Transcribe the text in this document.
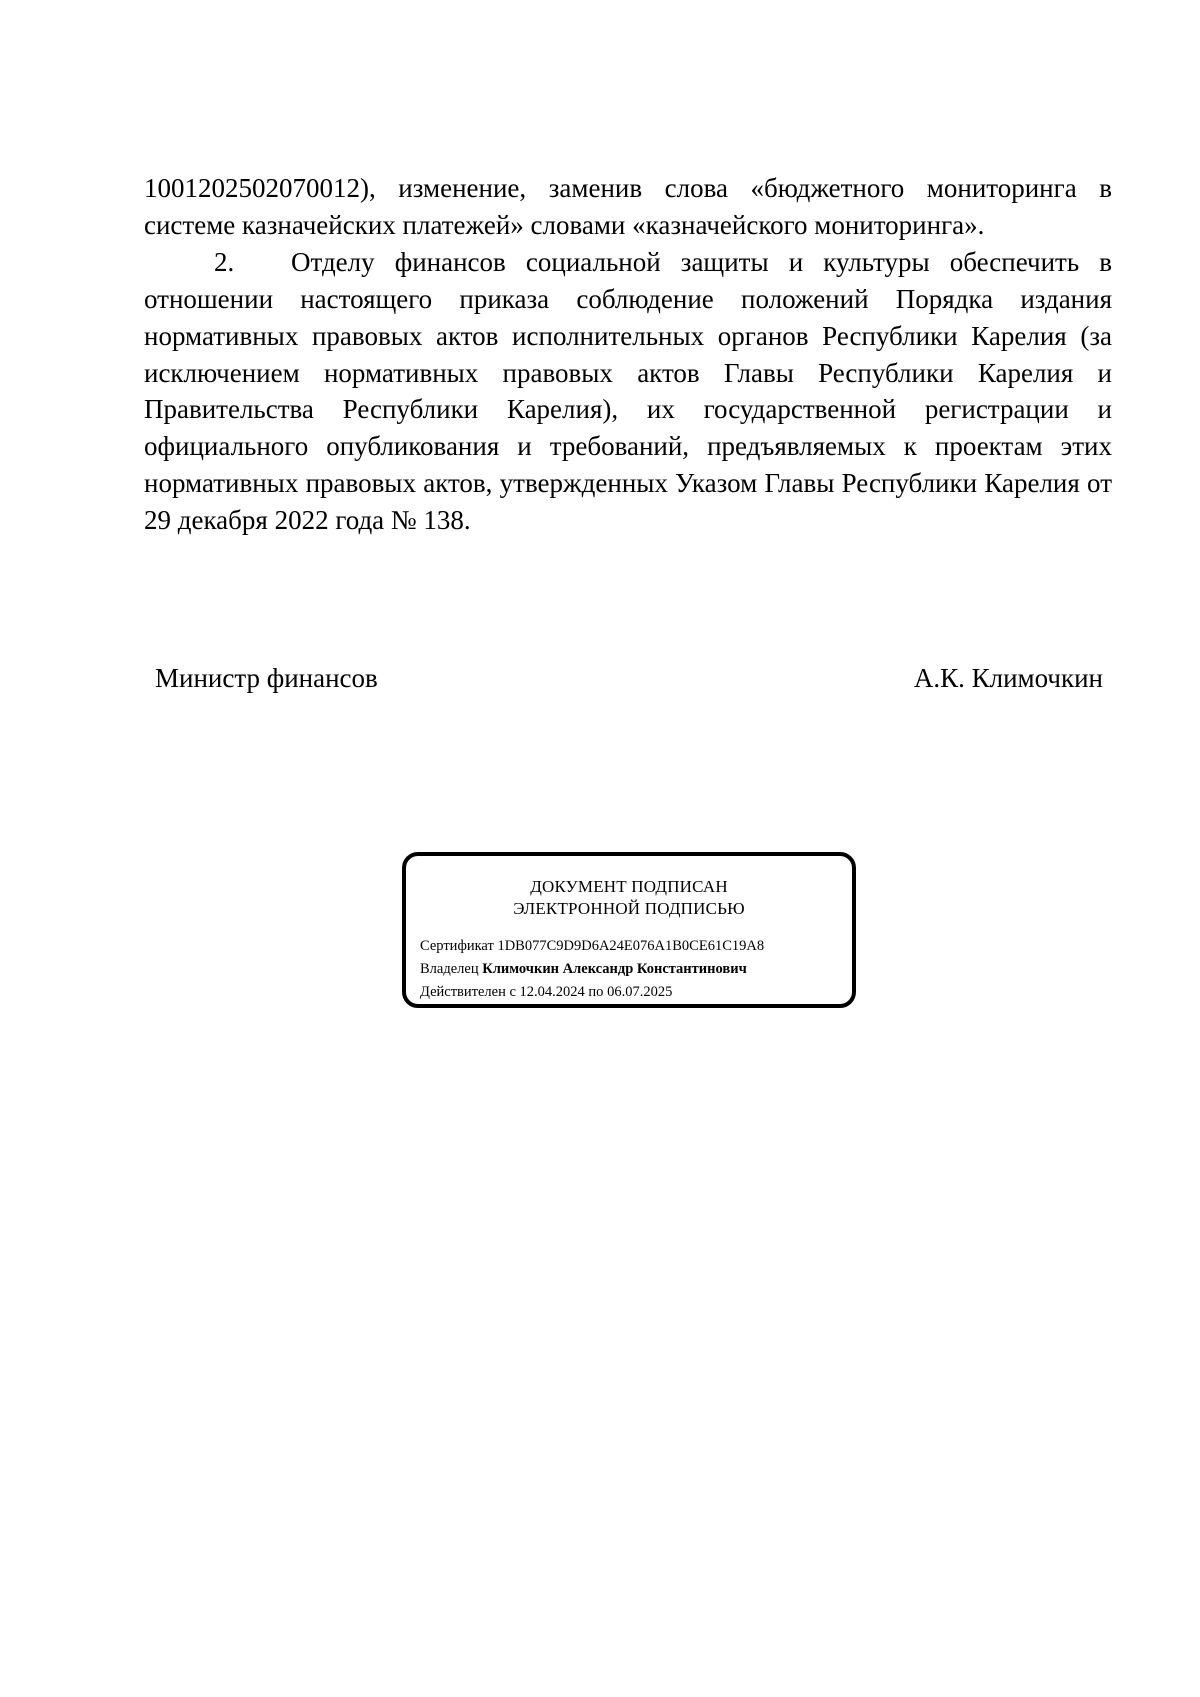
1001202502070012), изменение, заменив слова «бюджетного мониторинга в системе казначейских платежей» словами «казначейского мониторинга».

2. Отделу финансов социальной защиты и культуры обеспечить в отношении настоящего приказа соблюдение положений Порядка издания нормативных правовых актов исполнительных органов Республики Карелия (за исключением нормативных правовых актов Главы Республики Карелия и Правительства Республики Карелия), их государственной регистрации и официального опубликования и требований, предъявляемых к проектам этих нормативных правовых актов, утвержденных Указом Главы Республики Карелия от 29 декабря 2022 года № 138.

Министр финансов	А.К. Климочкин
ДОКУМЕНТ ПОДПИСАН
ЭЛЕКТРОННОЙ ПОДПИСЬЮ
Сертификат 1DB077C9D9D6A24E076A1B0CE61C19A8
Владелец Климочкин Александр Константинович
Действителен с 12.04.2024 по 06.07.2025
